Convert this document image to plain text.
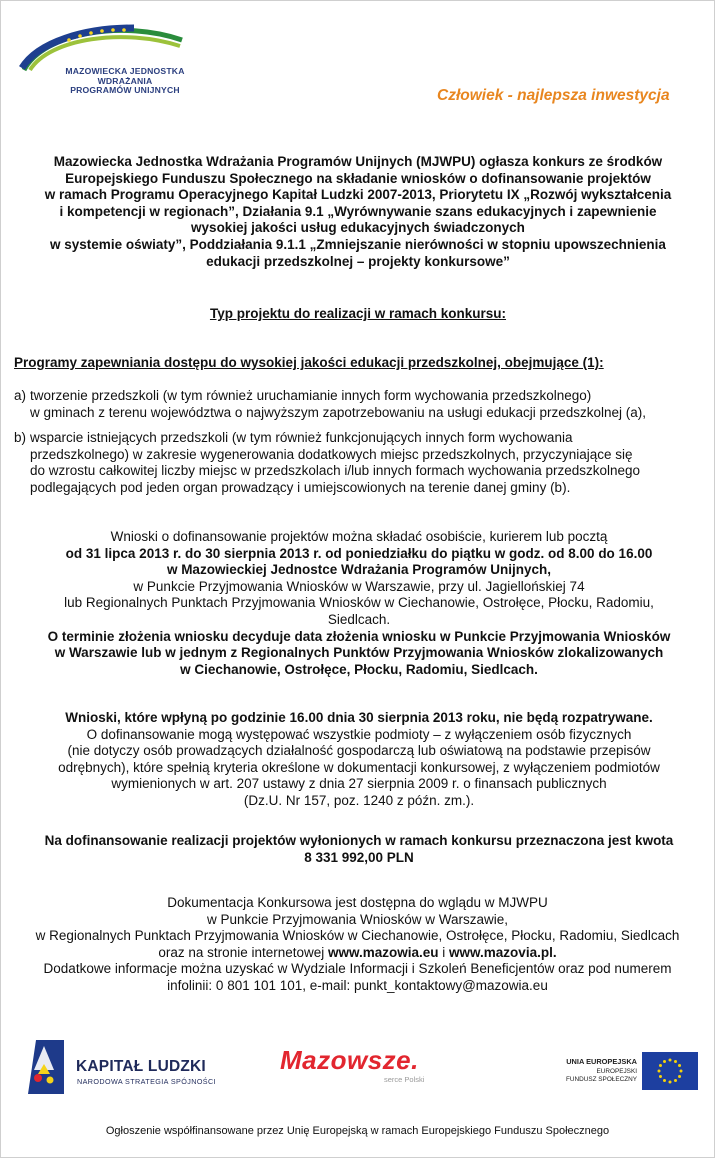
MAZOWIECKA JEDNOSTKA
WDRAŻANIA
PROGRAMÓW UNIJNYCH	Człowiek - najlepsza inwestycja
Mazowiecka Jednostka Wdrażania Programów Unijnych (MJWPU) ogłasza konkurs ze środków
Europejskiego Funduszu Społecznego na składanie wniosków o dofinansowanie projektów
w ramach Programu Operacyjnego Kapitał Ludzki 2007-2013, Priorytetu IX „Rozwój wykształcenia
i kompetencji w regionach”, Działania 9.1 „Wyrównywanie szans edukacyjnych i zapewnienie
wysokiej jakości usług edukacyjnych świadczonych
w systemie oświaty”, Poddziałania 9.1.1 „Zmniejszanie nierówności w stopniu upowszechnienia
edukacji przedszkolnej – projekty konkursowe”
Typ projektu do realizacji w ramach konkursu:
Programy zapewniania dostępu do wysokiej jakości edukacji przedszkolnej, obejmujące (1):
a) tworzenie przedszkoli (w tym również uruchamianie innych form wychowania przedszkolnego)
w gminach z terenu województwa o najwyższym zapotrzebowaniu na usługi edukacji przedszkolnej (a),
b) wsparcie istniejących przedszkoli (w tym również funkcjonujących innych form wychowania
przedszkolnego) w zakresie wygenerowania dodatkowych miejsc przedszkolnych, przyczyniające się
do wzrostu całkowitej liczby miejsc w przedszkolach i/lub innych formach wychowania przedszkolnego
podlegających pod jeden organ prowadzący i umiejscowionych na terenie danej gminy (b).
Wnioski o dofinansowanie projektów można składać osobiście, kurierem lub pocztą
od 31 lipca 2013 r. do 30 sierpnia 2013 r. od poniedziałku do piątku w godz. od 8.00 do 16.00
w Mazowieckiej Jednostce Wdrażania Programów Unijnych,
w Punkcie Przyjmowania Wniosków w Warszawie, przy ul. Jagiellońskiej 74
lub Regionalnych Punktach Przyjmowania Wniosków w Ciechanowie, Ostrołęce, Płocku, Radomiu,
Siedlcach.
O terminie złożenia wniosku decyduje data złożenia wniosku w Punkcie Przyjmowania Wniosków
w Warszawie lub w jednym z Regionalnych Punktów Przyjmowania Wniosków zlokalizowanych
w Ciechanowie, Ostrołęce, Płocku, Radomiu, Siedlcach.
Wnioski, które wpłyną po godzinie 16.00 dnia 30 sierpnia 2013 roku, nie będą rozpatrywane.
O dofinansowanie mogą występować wszystkie podmioty – z wyłączeniem osób fizycznych
(nie dotyczy osób prowadzących działalność gospodarczą lub oświatową na podstawie przepisów
odrębnych), które spełnią kryteria określone w dokumentacji konkursowej, z wyłączeniem podmiotów
wymienionych w art. 207 ustawy z dnia 27 sierpnia 2009 r. o finansach publicznych
(Dz.U. Nr 157, poz. 1240 z późn. zm.).
Na dofinansowanie realizacji projektów wyłonionych w ramach konkursu przeznaczona jest kwota
8 331 992,00 PLN
Dokumentacja Konkursowa jest dostępna do wglądu w MJWPU
w Punkcie Przyjmowania Wniosków w Warszawie,
w Regionalnych Punktach Przyjmowania Wniosków w Ciechanowie, Ostrołęce, Płocku, Radomiu, Siedlcach
oraz na stronie internetowej www.mazowia.eu i www.mazovia.pl.
Dodatkowe informacje można uzyskać w Wydziale Informacji i Szkoleń Beneficjentów oraz pod numerem
infolinii: 0 801 101 101, e-mail: punkt_kontaktowy@mazowia.eu
KAPITAŁ LUDZKI
NARODOWA STRATEGIA SPÓJNOŚCI
Mazowsze.
serce Polski
UNIA EUROPEJSKA
EUROPEJSKI
FUNDUSZ SPOŁECZNY
Ogłoszenie współfinansowane przez Unię Europejską w ramach Europejskiego Funduszu Społecznego
